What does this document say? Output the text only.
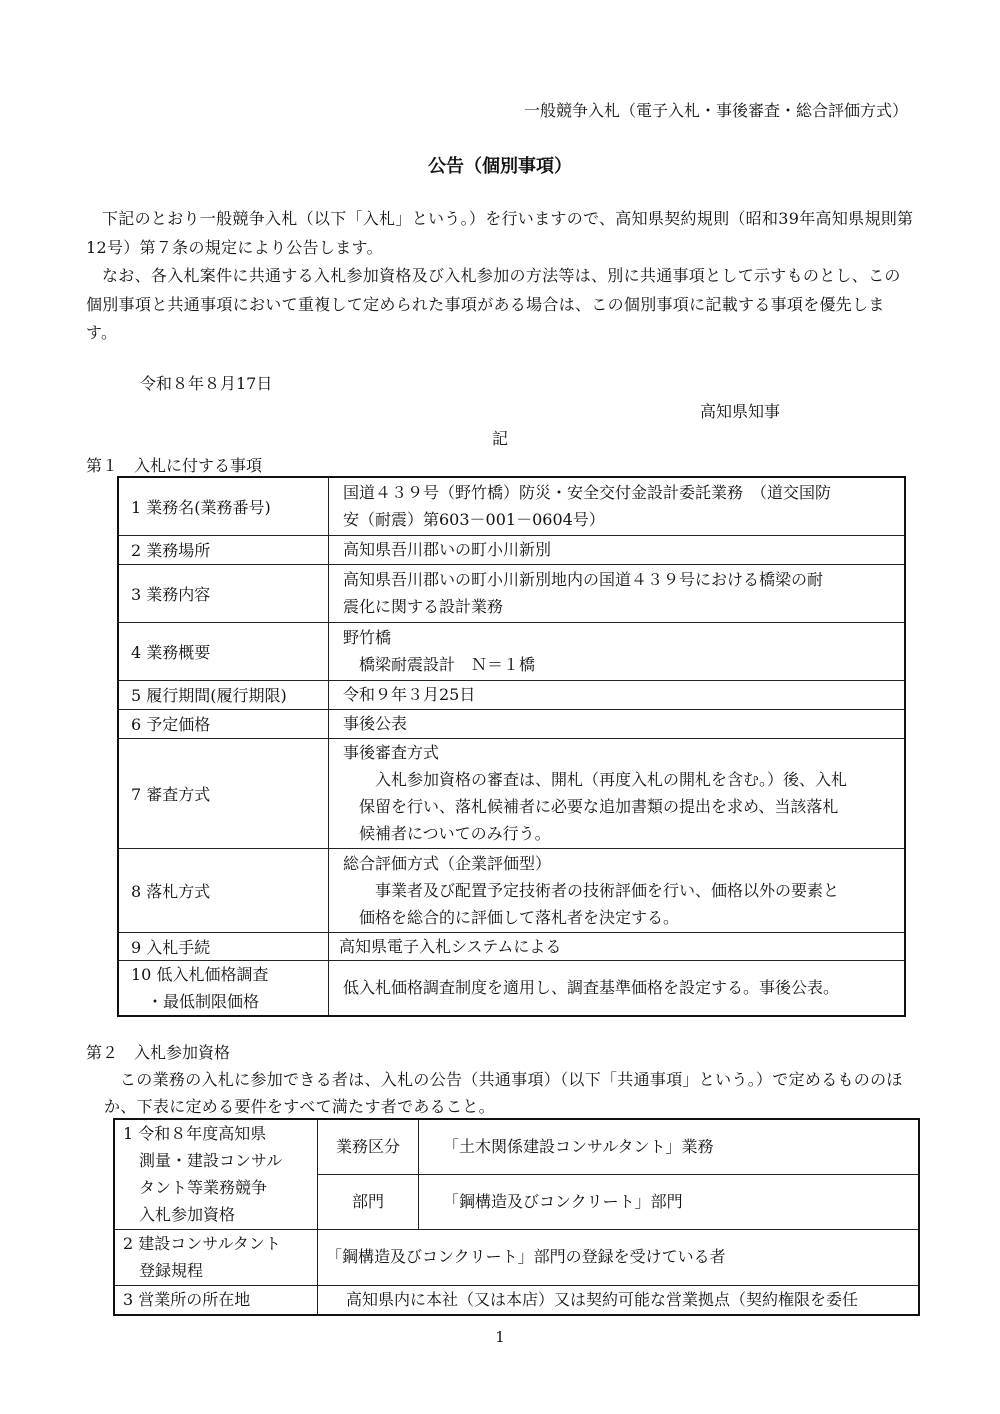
一般競争入札（電子入札・事後審査・総合評価方式）
公告（個別事項）
下記のとおり一般競争入札（以下「入札」という。）を行いますので、高知県契約規則（昭和39年高知県規則第12号）第７条の規定により公告します。
なお、各入札案件に共通する入札参加資格及び入札参加の方法等は、別に共通事項として示すものとし、この個別事項と共通事項において重複して定められた事項がある場合は、この個別事項に記載する事項を優先します。
令和８年８月17日
高知県知事
記
第１　入札に付する事項
1 業務名(業務番号)	国道４３９号（野竹橋）防災・安全交付金設計委託業務　（道交国防
安（耐震）第603－001－0604号）

2 業務場所	高知県吾川郡いの町小川新別
3 業務内容	高知県吾川郡いの町小川新別地内の国道４３９号における橋梁の耐
震化に関する設計業務

4 業務概要	野竹橋
　橋梁耐震設計　Ｎ＝１橋

5 履行期間(履行期限)	令和９年３月25日
6 予定価格	事後公表
7 審査方式	事後審査方式
　　入札参加資格の審査は、開札（再度入札の開札を含む。）後、入札
　保留を行い、落札候補者に必要な追加書類の提出を求め、当該落札
　候補者についてのみ行う。

8 落札方式	総合評価方式（企業評価型）
　　事業者及び配置予定技術者の技術評価を行い、価格以外の要素と
　価格を総合的に評価して落札者を決定する。

9 入札手続	高知県電子入札システムによる
10 低入札価格調査
　・最低制限価格	低入札価格調査制度を適用し、調査基準価格を設定する。事後公表。
第２　入札参加資格
この業務の入札に参加できる者は、入札の公告（共通事項）（以下「共通事項」という。）で定めるもののほか、下表に定める要件をすべて満たす者であること。
1 令和８年度高知県
　測量・建設コンサル
　タント等業務競争
　入札参加資格	業務区分	「土木関係建設コンサルタント」業務
	部門	「鋼構造及びコンクリート」部門

2 建設コンサルタント
　登録規程	「鋼構造及びコンクリート」部門の登録を受けている者	
3 営業所の所在地	高知県内に本社（又は本店）又は契約可能な営業拠点（契約権限を委任	
1
